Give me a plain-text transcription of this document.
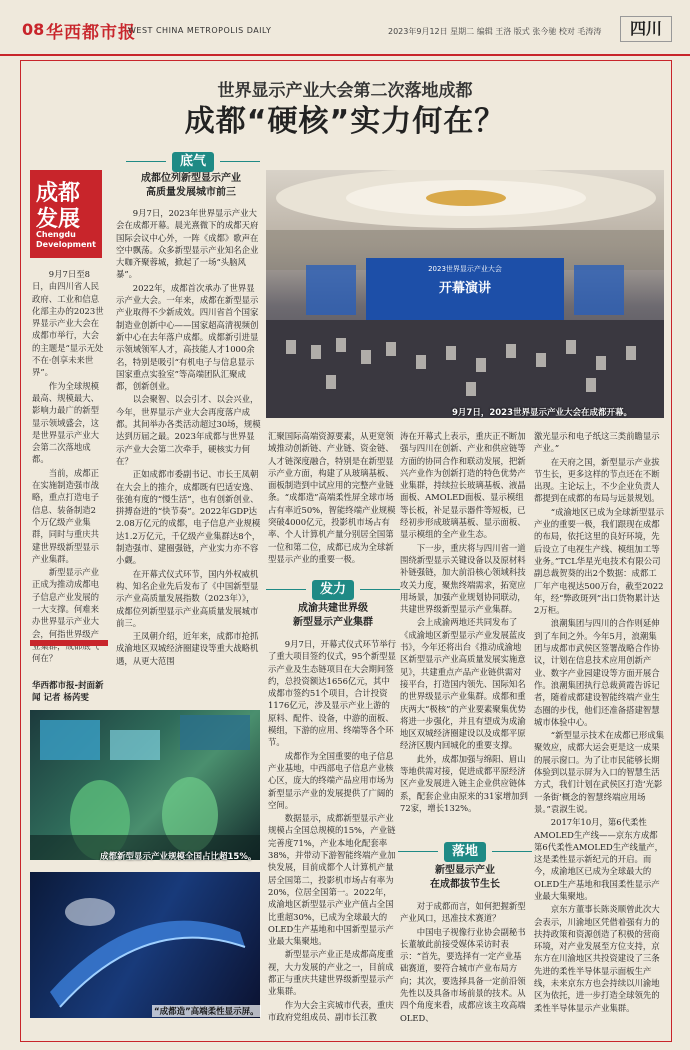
08 华西都市报
WEST CHINA METROPOLIS DAILY	2023年9月12日 星期二 编辑 王洛 版式 张今驰 校对 毛涛涛	四川
世界显示产业大会第二次落地成都
成都“硬核”实力何在？
成都
发展
Chengdu Development

9月7日至8日，由四川省人民政府、工业和信息化部主办的2023世界显示产业大会在成都市举行，大会的主题是“显示无处不在·创享未来世界”。

作为全球规模最高、规模最大、影响力最广的新型显示领域盛会，这是世界显示产业大会第二次落地成都。

当前，成都正在实施制造强市战略，重点打造电子信息、装备制造2个万亿级产业集群，同时与重庆共建世界级新型显示产业集群。

新型显示产业正成为推动成都电子信息产业发展的一大支撑。何难来办世界显示产业大会，何指世界级产 何在？

华西都市报-封面新闻 记者 杨芮雯
成都新型显示产业规模全国占比超15%。
“成都造”高端柔性显示屏。
2023世界显示产业大会
开幕演讲
9月7日，2023世界显示产业大会在成都开幕。
底气
成都位列新型显示产业
高质量发展城市前三

9月7日，2023年世界显示产业大会在成都开幕。晨光熹微下的成都天府国际会议中心外，一阵《成都》歌声在空中飘荡。众多新型显示产业知名企业大咖齐聚蓉城，掀起了一场“头脑风暴”。

2022年，成都首次承办了世界显示产业大会。一年来，成都在新型显示产业取得不少新成效。四川省首个国家制造业创新中心——国家超高清视频创新中心在去年落户成都。成都新引进显示领域领军人才，高技能人才1000余名，特别是吸引“有机电子与信息显示国家重点实验室”等高端团队汇聚成都，创新创业。

以会聚智、以会引才、以会兴业，今年，世界显示产业大会再度落户成都。其间举办各类活动超过30场，规模达到历届之最。2023年成都与世界显示产业大会第二次牵手，硬核实力何在？

正如成都市委副书记、市长王凤朝在大会上的推介，成都既有巴适安逸、张弛有度的“慢生活”，也有创新创业、拼搏奋进的“快节奏”。2022年GDP达2.08万亿元的成都，电子信息产业规模达1.2万亿元，千亿级产业集群达8个，制造强市、建圈强链，产业实力亦不容小觑。

在开幕式仪式环节，国内外权威机构、知名企业先后发布了《中国新型显示产业高质量发展指数（2023年）》，成都位列新型显示产业高质量发展城市前三。

王凤朝介绍，近年来，成都市抢抓成渝地区双城经济圈建设等重大战略机遇，从更大范围

汇聚国际高端资源要素，从更宽领域推动创新链、产业链、资金链、人才链深度融合，特别是在新型显示产业方面，构建了从玻璃基板、面板制造到中试应用的完整产业链条。“成都造”高端柔性屏全球市场占有率近50%，智能终端产业规模突破4000亿元，投影机市场占有率、个人计算机产量分别居全国第一位和第二位，成都已成为全球新型显示产业的重要一极。

发力
成渝共建世界级
新型显示产业集群

9月7日，开幕式仪式环节举行了重大项目签约仪式，95个新型显示产业及生态链项目在大会期间签约，总投资额达1656亿元，其中成都市签约51个项目，合计投资1176亿元，涉及显示产业上游的原料、配件、设备，中游的面板、模组，下游的应用、终端等各个环节。

成都作为全国重要的电子信息产业基地，中西部电子信息产业核心区，庞大的终端产品应用市场为新型显示产业的发展提供了广阔的空间。

数据显示，成都新型显示产业规模占全国总规模的15%，产业链完善度71%，产业本地化配套率38%，并带动下游智能终端产业加快发展，目前成都个人计算机产量居全国第二，投影机市场占有率为20%，位居全国第一。2022年，成渝地区新型显示产业产值占全国比重超30%，已成为全球最大的OLED生产基地和中国新型显示产业最大集聚地。

新型显示产业正是成都高度重视，大力发展的产业之一，目前成都正与重庆共建世界级新型显示产业集群。

作为大会主宾城市代表，重庆市政府党组成员、副市长江教

涛在开幕式上表示，重庆正不断加强与四川在创新、产业和供应链等方面的协同合作和联动发展，把新兴产业作为创新打造的特色优势产业集群，持续拉长玻璃基板、液晶面板、AMOLED面板、显示模组等长板，补足显示器件等短板，已经初步形成玻璃基板、显示面板、显示模组的全产业生态。

下一步，重庆将与四川省一道围绕新型显示关键设备以及原材料补链强链，加大前沿核心领域科技攻关力度，聚焦终端需求，拓宽应用场景，加强产业规划协同联动，共建世界级新型显示产业集群。

会上成渝两地还共同发布了《成渝地区新型显示产业发展蓝皮书》，今年还将出台《推动成渝地区新型显示产业高质量发展实施意见》，共建重点产品产业链供需对接平台，打造国内领先、国际知名的世界级显示产业集群。成都和重庆两大“极核”的产业要素聚集优势将进一步强化，并且有望成为成渝地区双城经济圈建设以及成都平原经济区腹内回城化的重要支撑。

此外，成都加强与绵阳、眉山等地供需对接，促进成都平原经济区产业发展进入链主企业供应链体系，配套企业由原来的31家增加到72家，增长132%。

落地
新型显示产业
在成都拔节生长

对于成都而言，如何把握新型产业风口，迅准技术赛道？

中国电子视像行业协会副秘书长董敏此前接受媒体采访时表示：“首先，要选择有一定产业基础赛道，要符合城市产业布局方向；其次，要选择具备一定前沿领先性以及具备市场前景的技术。从四个角度来看，成都应该主攻高端OLED、

激光显示和电子纸这三类前瞻显示产业。”

在天府之国，新型显示产业拔节生长，更多这样的节点还在不断出现。主论坛上，不少企业负责人都提到在成都的布局与远景规划。

“成渝地区已成为全球新型显示产业的重要一极，我们跟现在成都的布局，依托这里的良好环境，先后设立了电视生产线、模组加工等业务。”TCL华星光电技术有限公司副总裁贺葵的出2个数据：成都工厂年产电视达500万台，截至2022年，经“弊政斑列”出口货物累计达2万柜。

浪潮集团与四川的合作则延伸到了车间之外。今年5月，浪潮集团与成都市武侯区签署战略合作协议，计划在信息技术应用创新产业、数字产业园建设等方面开展合作。浪潮集团执行总裁黄霞告诉记者，随着成都建设智能终端产业生态圈的步伐，他们还准备搭建智慧城市体验中心。

“新型显示技术在成都已形成集聚效应，成都大运会更是这一成果的展示窗口。为了让市民能够长期体验到以显示屏为入口的智慧生活方式，我们计划在武侯区打造‘光影一条街’概念的智慧终端应用场景。”袁淑生说。

2017年10月，第6代柔性AMOLED生产线——京东方成都第6代柔性AMOLED生产线量产，这是柔性显示新纪元的开启。而今，成渝地区已成为全球最大的OLED生产基地和我国柔性显示产业最大集聚地。

京东方董事长陈炎顺曾此次大会表示，川渝地区凭借着强有力的扶持政策和资源创造了积极的营商环境，对产业发展至方位支持，京东方在川渝地区共投资建设了三条先进的柔性半导体显示面板生产线，未来京东方也会持续以川渝地区为依托，进一步打造全球领先的柔性半导体显示产业集群。
